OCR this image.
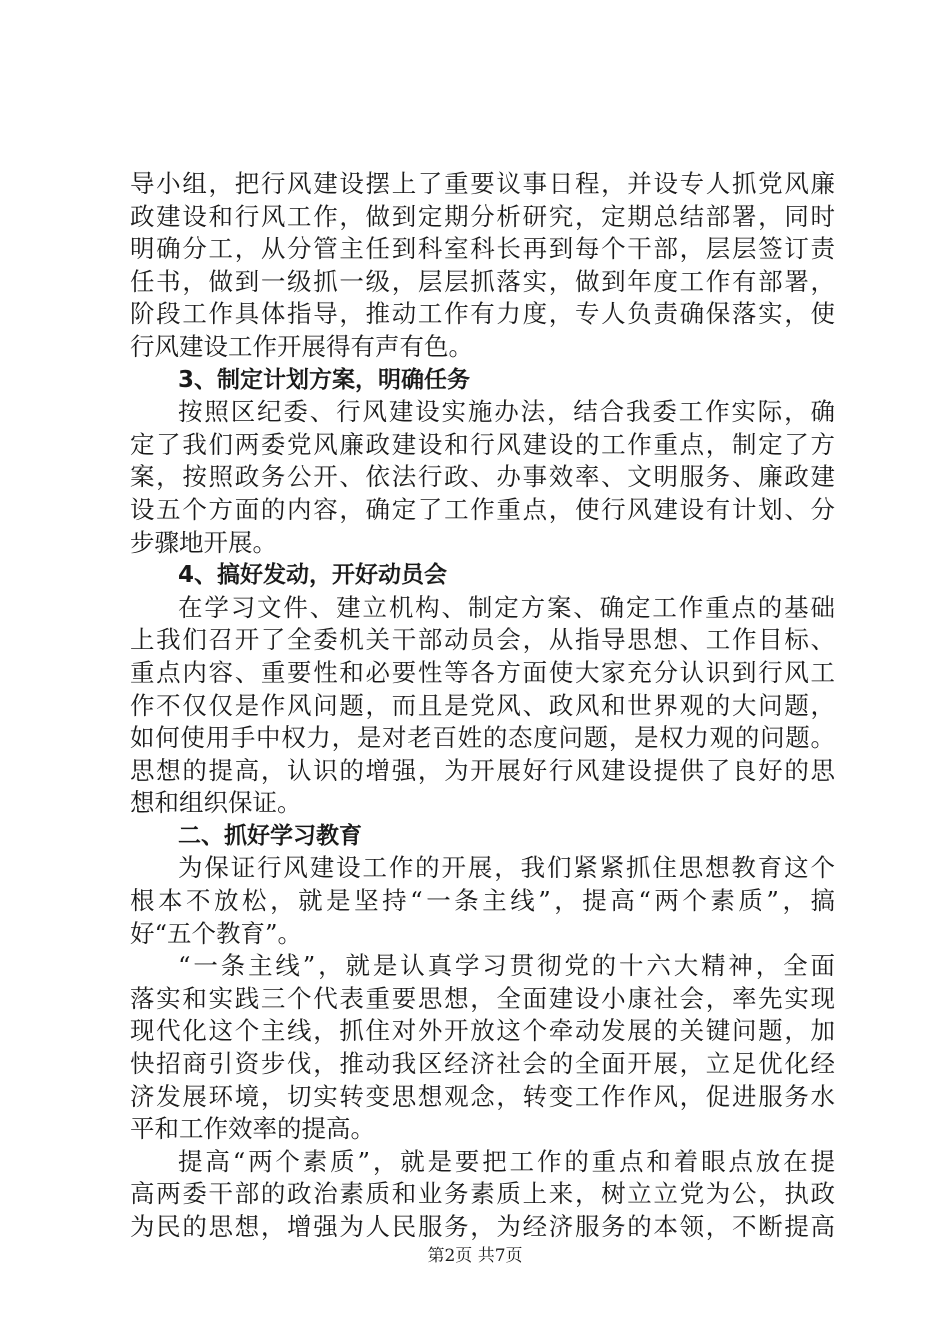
导小组，把行风建设摆上了重要议事日程，并设专人抓党风廉
政建设和行风工作，做到定期分析研究，定期总结部署，同时
明确分工，从分管主任到科室科长再到每个干部，层层签订责
任书，做到一级抓一级，层层抓落实，做到年度工作有部署，
阶段工作具体指导，推动工作有力度，专人负责确保落实，使
行风建设工作开展得有声有色。
3、制定计划方案，明确任务
按照区纪委、行风建设实施办法，结合我委工作实际，确
定了我们两委党风廉政建设和行风建设的工作重点，制定了方
案，按照政务公开、依法行政、办事效率、文明服务、廉政建
设五个方面的内容，确定了工作重点，使行风建设有计划、分
步骤地开展。
4、搞好发动，开好动员会
在学习文件、建立机构、制定方案、确定工作重点的基础
上我们召开了全委机关干部动员会，从指导思想、工作目标、
重点内容、重要性和必要性等各方面使大家充分认识到行风工
作不仅仅是作风问题，而且是党风、政风和世界观的大问题，
如何使用手中权力，是对老百姓的态度问题，是权力观的问题。
思想的提高，认识的增强，为开展好行风建设提供了良好的思
想和组织保证。
二、抓好学习教育
为保证行风建设工作的开展，我们紧紧抓住思想教育这个
根本不放松，就是坚持“一条主线”，提高“两个素质”，搞
好“五个教育”。
“一条主线”，就是认真学习贯彻党的十六大精神，全面
落实和实践三个代表重要思想，全面建设小康社会，率先实现
现代化这个主线，抓住对外开放这个牵动发展的关键问题，加
快招商引资步伐，推动我区经济社会的全面开展，立足优化经
济发展环境，切实转变思想观念，转变工作作风，促进服务水
平和工作效率的提高。
提高“两个素质”，就是要把工作的重点和着眼点放在提
高两委干部的政治素质和业务素质上来，树立立党为公，执政
为民的思想，增强为人民服务，为经济服务的本领，不断提高
第2页 共7页
